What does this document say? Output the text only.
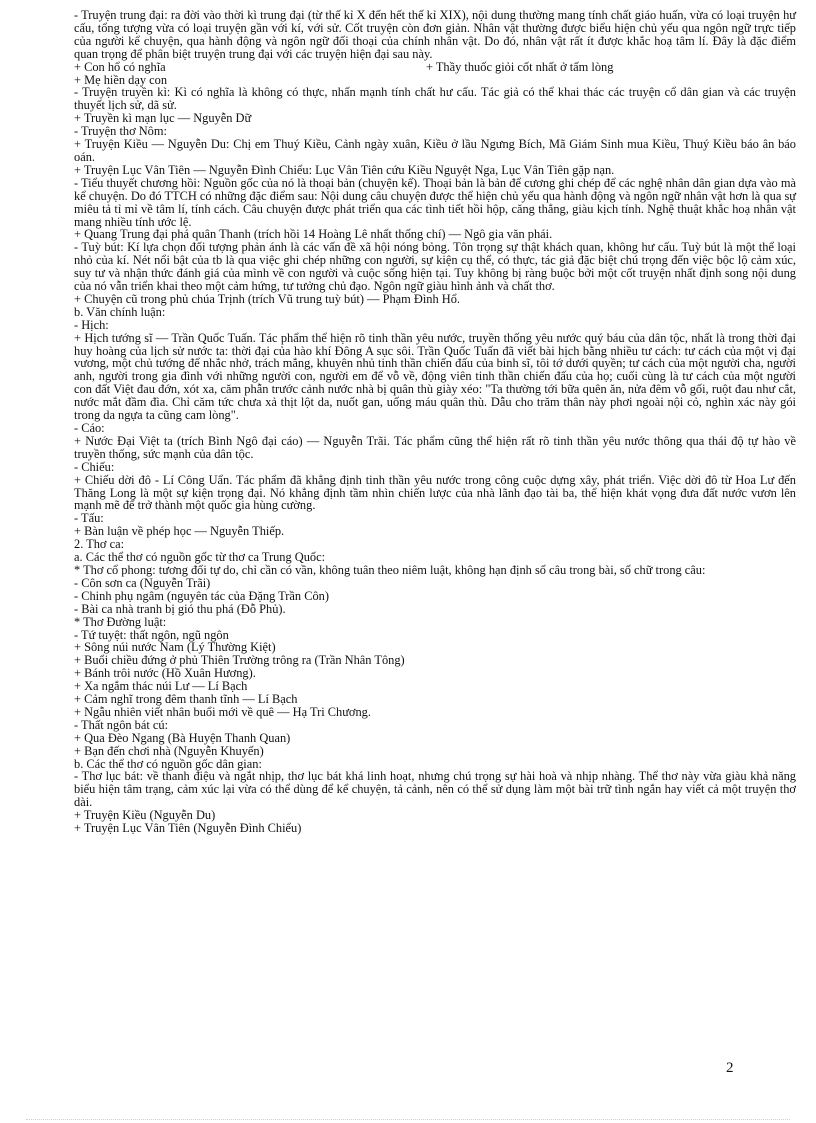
- Truyện trung đại: ra đời vào thời kì trung đại (từ thế kỉ X đến hết thế kỉ XIX), nội dung thường mang tính chất giáo huấn, vừa có loại truyện hư cấu, tổng tượng vừa có loại truyện gần với kí, với sử. Cốt truyện còn đơn giản. Nhân vật thường được biểu hiện chủ yếu qua ngôn ngữ trực tiếp của người kể chuyện, qua hành động và ngôn ngữ đối thoại của chính nhân vật. Do đó, nhân vật rất ít được khắc hoạ tâm lí. Đây là đặc điểm quan trọng để phân biệt truyện trung đại với các truyện hiện đại sau này.

+ Con hổ có nghĩa	+ Thầy thuốc giỏi cốt nhất ở tấm lòng

+ Mẹ hiền dạy con

- Truyện truyền kì: Kì có nghĩa là không có thực, nhấn mạnh tính chất hư cấu. Tác giả có thể khai thác các truyện cổ dân gian và các truyện thuyết lịch sử, dã sử.

+ Truyền kì mạn lục — Nguyễn Dữ

- Truyện thơ Nôm:

+ Truyện Kiều — Nguyễn Du: Chị em Thuý Kiều, Cảnh ngày xuân, Kiều ở lầu Ngưng Bích, Mã Giám Sinh mua Kiều, Thuý Kiều báo ân báo oán.

+ Truyện Lục Vân Tiên — Nguyễn Đình Chiểu: Lục Vân Tiên cứu Kiều Nguyệt Nga, Lục Vân Tiên gặp nạn.

- Tiểu thuyết chương hồi: Nguồn gốc của nó là thoại bản (chuyện kể). Thoại bản là bản để cương ghi chép để các nghệ nhân dân gian dựa vào mà kể chuyện. Do đó TTCH có những đặc điểm sau: Nội dung câu chuyện được thể hiện chủ yếu qua hành động và ngôn ngữ nhân vật hơn là qua sự miêu tả tỉ mỉ về tâm lí, tính cách. Câu chuyện được phát triển qua các tình tiết hồi hộp, căng thẳng, giàu kịch tính. Nghệ thuật khắc hoạ nhân vật mang nhiều tính ước lệ.

+ Quang Trung đại phá quân Thanh (trích hồi 14 Hoàng Lê nhất thống chí) — Ngô gia văn phái.

- Tuỳ bút: Kí lựa chọn đối tượng phản ánh là các vấn đề xã hội nóng bỏng. Tôn trọng sự thật khách quan, không hư cấu. Tuỳ bút là một thể loại nhỏ của kí. Nét nổi bật của tb là qua việc ghi chép những con người, sự kiện cụ thể, có thực, tác giả đặc biệt chú trọng đến việc bộc lộ cảm xúc, suy tư và nhận thức đánh giá của mình về con người và cuộc sống hiện tại. Tuy không bị ràng buộc bởi một cốt truyện nhất định song nội dung của nó vẫn triển khai theo một cảm hứng, tư tưởng chủ đạo. Ngôn ngữ giàu hình ảnh và chất thơ.

+ Chuyện cũ trong phủ chúa Trịnh (trích Vũ trung tuỳ bút) — Phạm Đình Hổ.

b. Văn chính luận:

- Hịch:

+ Hịch tướng sĩ — Trần Quốc Tuấn. Tác phẩm thể hiện rõ tinh thần yêu nước, truyền thống yêu nước quý báu của dân tộc, nhất là trong thời đại huy hoàng của lịch sử nước ta: thời đại của hào khí Đông A sục sôi. Trần Quốc Tuấn đã viết bài hịch bằng nhiều tư cách: tư cách của một vị đại vương, một chủ tướng để nhắc nhở, trách mắng, khuyên nhủ tinh thần chiến đấu của binh sĩ, tôi tớ dưới quyền; tư cách của một người cha, người anh, người trong gia đình với những người con, người em để vỗ về, động viên tinh thần chiến đấu của họ; cuối cùng là tư cách của một người con đất Việt đau đớn, xót xa, căm phẫn trước cảnh nước nhà bị quân thù giày xéo: "Ta thường tới bữa quên ăn, nửa đêm vỗ gối, ruột đau như cắt, nước mắt đầm đìa. Chỉ căm tức chưa xả thịt lột da, nuốt gan, uống máu quân thù. Dẫu cho trăm thân này phơi ngoài nội cỏ, nghìn xác này gói trong da ngựa ta cũng cam lòng".

- Cáo:

+ Nước Đại Việt ta (trích Bình Ngô đại cáo) — Nguyễn Trãi. Tác phẩm cũng thể hiện rất rõ tinh thần yêu nước thông qua thái độ tự hào về truyền thống, sức mạnh của dân tộc.

- Chiếu:

+ Chiếu dời đô - Lí Công Uẩn. Tác phẩm đã khẳng định tinh thần yêu nước trong công cuộc dựng xây, phát triển. Việc dời đô từ Hoa Lư đến Thăng Long là một sự kiện trọng đại. Nó khẳng định tầm nhìn chiến lược của nhà lãnh đạo tài ba, thể hiện khát vọng đưa đất nước vươn lên mạnh mẽ để trở thành một quốc gia hùng cường.

- Tấu:

+ Bàn luận về phép học — Nguyễn Thiếp.

2. Thơ ca:

a. Các thể thơ có nguồn gốc từ thơ ca Trung Quốc:

* Thơ cổ phong: tương đối tự do, chỉ cần có vần, không tuân theo niêm luật, không hạn định số câu trong bài, số chữ trong câu:

- Côn sơn ca (Nguyễn Trãi)

- Chinh phụ ngâm (nguyên tác của Đặng Trần Côn)

- Bài ca nhà tranh bị gió thu phá (Đỗ Phủ).

* Thơ Đường luật:

- Tứ tuyệt: thất ngôn, ngũ ngôn

+ Sông núi nước Nam (Lý Thường Kiệt)

+ Buổi chiều đứng ở phủ Thiên Trường trông ra (Trần Nhân Tông)

+ Bánh trôi nước (Hồ Xuân Hương).

+ Xa ngắm thác núi Lư — Lí Bạch

+ Cảm nghĩ trong đêm thanh tĩnh — Lí Bạch

+ Ngẫu nhiên viết nhân buổi mới về quê — Hạ Tri Chương.

- Thất ngôn bát cú:

+ Qua Đèo Ngang (Bà Huyện Thanh Quan)

+ Bạn đến chơi nhà (Nguyễn Khuyến)

b. Các thể thơ có nguồn gốc dân gian:

- Thơ lục bát: về thanh điệu và ngắt nhịp, thơ lục bát khá linh hoạt, nhưng chú trọng sự hài hoà và nhịp nhàng. Thể thơ này vừa giàu khả năng biểu hiện tâm trạng, cảm xúc lại vừa có thể dùng để kể chuyện, tả cảnh, nên có thể sử dụng làm một bài trữ tình ngắn hay viết cả một truyện thơ dài.

+ Truyện Kiều (Nguyễn Du)

+ Truyện Lục Vân Tiên (Nguyễn Đình Chiểu)

2
